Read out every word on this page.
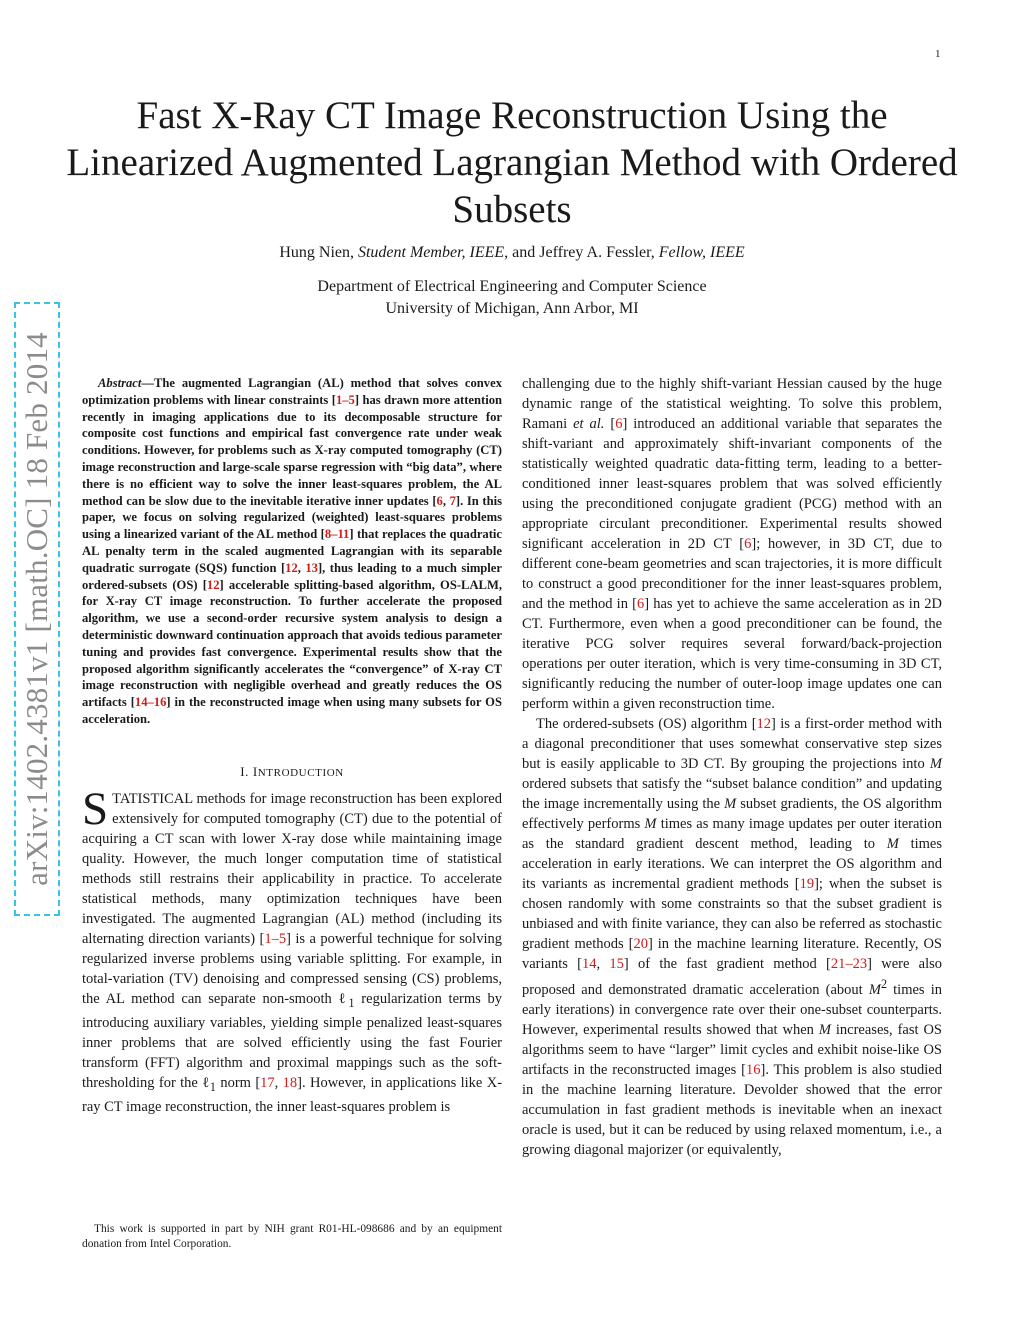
1
arXiv:1402.4381v1 [math.OC] 18 Feb 2014
Fast X-Ray CT Image Reconstruction Using the Linearized Augmented Lagrangian Method with Ordered Subsets
Hung Nien, Student Member, IEEE, and Jeffrey A. Fessler, Fellow, IEEE
Department of Electrical Engineering and Computer Science
University of Michigan, Ann Arbor, MI

Abstract—The augmented Lagrangian (AL) method that solves convex optimization problems with linear constraints [1–5] has drawn more attention recently in imaging applications due to its decomposable structure for composite cost functions and empirical fast convergence rate under weak conditions. However, for problems such as X-ray computed tomography (CT) image reconstruction and large-scale sparse regression with “big data”, where there is no efficient way to solve the inner least-squares problem, the AL method can be slow due to the inevitable iterative inner updates [6, 7]. In this paper, we focus on solving regularized (weighted) least-squares problems using a linearized variant of the AL method [8–11] that replaces the quadratic AL penalty term in the scaled augmented Lagrangian with its separable quadratic surrogate (SQS) function [12, 13], thus leading to a much simpler ordered-subsets (OS) [12] accelerable splitting-based algorithm, OS-LALM, for X-ray CT image reconstruction. To further accelerate the proposed algorithm, we use a second-order recursive system analysis to design a deterministic downward continuation approach that avoids tedious parameter tuning and provides fast convergence. Experimental results show that the proposed algorithm significantly accelerates the “convergence” of X-ray CT image reconstruction with negligible overhead and greatly reduces the OS artifacts [14–16] in the reconstructed image when using many subsets for OS acceleration.

I. INTRODUCTION

STATISTICAL methods for image reconstruction has been explored extensively for computed tomography (CT) due to the potential of acquiring a CT scan with lower X-ray dose while maintaining image quality. However, the much longer computation time of statistical methods still restrains their applicability in practice. To accelerate statistical methods, many optimization techniques have been investigated. The augmented Lagrangian (AL) method (including its alternating direction variants) [1–5] is a powerful technique for solving regularized inverse problems using variable splitting. For example, in total-variation (TV) denoising and compressed sensing (CS) problems, the AL method can separate non-smooth ℓ$_1$ regularization terms by introducing auxiliary variables, yielding simple penalized least-squares inner problems that are solved efficiently using the fast Fourier transform (FFT) algorithm and proximal mappings such as the soft-thresholding for the ℓ$_1$ norm [17, 18]. However, in applications like X-ray CT image reconstruction, the inner least-squares problem is

This work is supported in part by NIH grant R01-HL-098686 and by an equipment donation from Intel Corporation.

challenging due to the highly shift-variant Hessian caused by the huge dynamic range of the statistical weighting. To solve this problem, Ramani et al. [6] introduced an additional variable that separates the shift-variant and approximately shift-invariant components of the statistically weighted quadratic data-fitting term, leading to a better-conditioned inner least-squares problem that was solved efficiently using the preconditioned conjugate gradient (PCG) method with an appropriate circulant preconditioner. Experimental results showed significant acceleration in 2D CT [6]; however, in 3D CT, due to different cone-beam geometries and scan trajectories, it is more difficult to construct a good preconditioner for the inner least-squares problem, and the method in [6] has yet to achieve the same acceleration as in 2D CT. Furthermore, even when a good preconditioner can be found, the iterative PCG solver requires several forward/back-projection operations per outer iteration, which is very time-consuming in 3D CT, significantly reducing the number of outer-loop image updates one can perform within a given reconstruction time.

The ordered-subsets (OS) algorithm [12] is a first-order method with a diagonal preconditioner that uses somewhat conservative step sizes but is easily applicable to 3D CT. By grouping the projections into M ordered subsets that satisfy the “subset balance condition” and updating the image incrementally using the M subset gradients, the OS algorithm effectively performs M times as many image updates per outer iteration as the standard gradient descent method, leading to M times acceleration in early iterations. We can interpret the OS algorithm and its variants as incremental gradient methods [19]; when the subset is chosen randomly with some constraints so that the subset gradient is unbiased and with finite variance, they can also be referred as stochastic gradient methods [20] in the machine learning literature. Recently, OS variants [14, 15] of the fast gradient method [21–23] were also proposed and demonstrated dramatic acceleration (about $M^2$ times in early iterations) in convergence rate over their one-subset counterparts. However, experimental results showed that when M increases, fast OS algorithms seem to have “larger” limit cycles and exhibit noise-like OS artifacts in the reconstructed images [16]. This problem is also studied in the machine learning literature. Devolder showed that the error accumulation in fast gradient methods is inevitable when an inexact oracle is used, but it can be reduced by using relaxed momentum, i.e., a growing diagonal majorizer (or equivalently,
